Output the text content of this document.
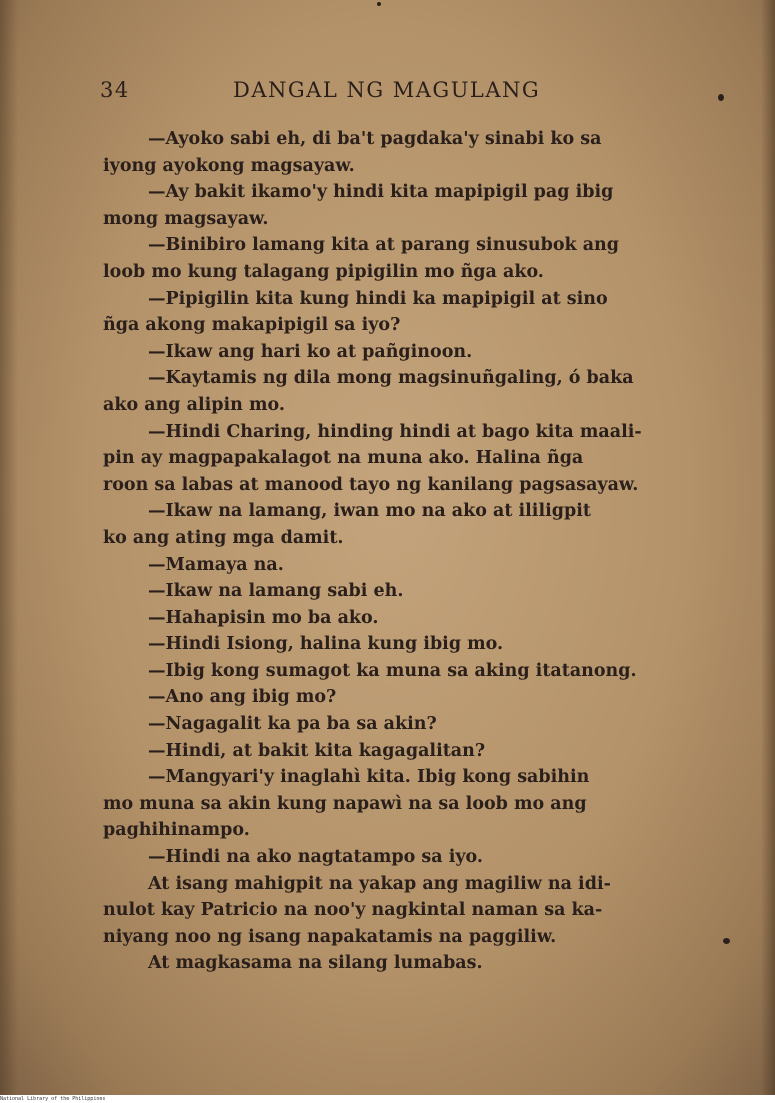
34	DANGAL NG MAGULANG
—Ayoko sabi eh, di ba't pagdaka'y sinabi ko sa
iyong ayokong magsayaw.
—Ay bakit ikamo'y hindi kita mapipigil pag ibig
mong magsayaw.
—Binibiro lamang kita at parang sinusubok ang
loob mo kung talagang pipigilin mo ñga ako.
—Pipigilin kita kung hindi ka mapipigil at sino
ñga akong makapipigil sa iyo?
—Ikaw ang hari ko at pañginoon.
—Kaytamis ng dila mong magsinuñgaling, ó baka
ako ang alipin mo.
—Hindi Charing, hinding hindi at bago kita maali-
pin ay magpapakalagot na muna ako. Halina ñga
roon sa labas at manood tayo ng kanilang pagsasayaw.
—Ikaw na lamang, iwan mo na ako at ililigpit
ko ang ating mga damit.
—Mamaya na.
—Ikaw na lamang sabi eh.
—Hahapisin mo ba ako.
—Hindi Isiong, halina kung ibig mo.
—Ibig kong sumagot ka muna sa aking itatanong.
—Ano ang ibig mo?
—Nagagalit ka pa ba sa akin?
—Hindi, at bakit kita kagagalitan?
—Mangyari'y inaglahì kita. Ibig kong sabihin
mo muna sa akin kung napawì na sa loob mo ang
paghihinampo.
—Hindi na ako nagtatampo sa iyo.
At isang mahigpit na yakap ang magiliw na idi-
nulot kay Patricio na noo'y nagkintal naman sa ka-
niyang noo ng isang napakatamis na paggiliw.
At magkasama na silang lumabas.
National Library of the Philippines
